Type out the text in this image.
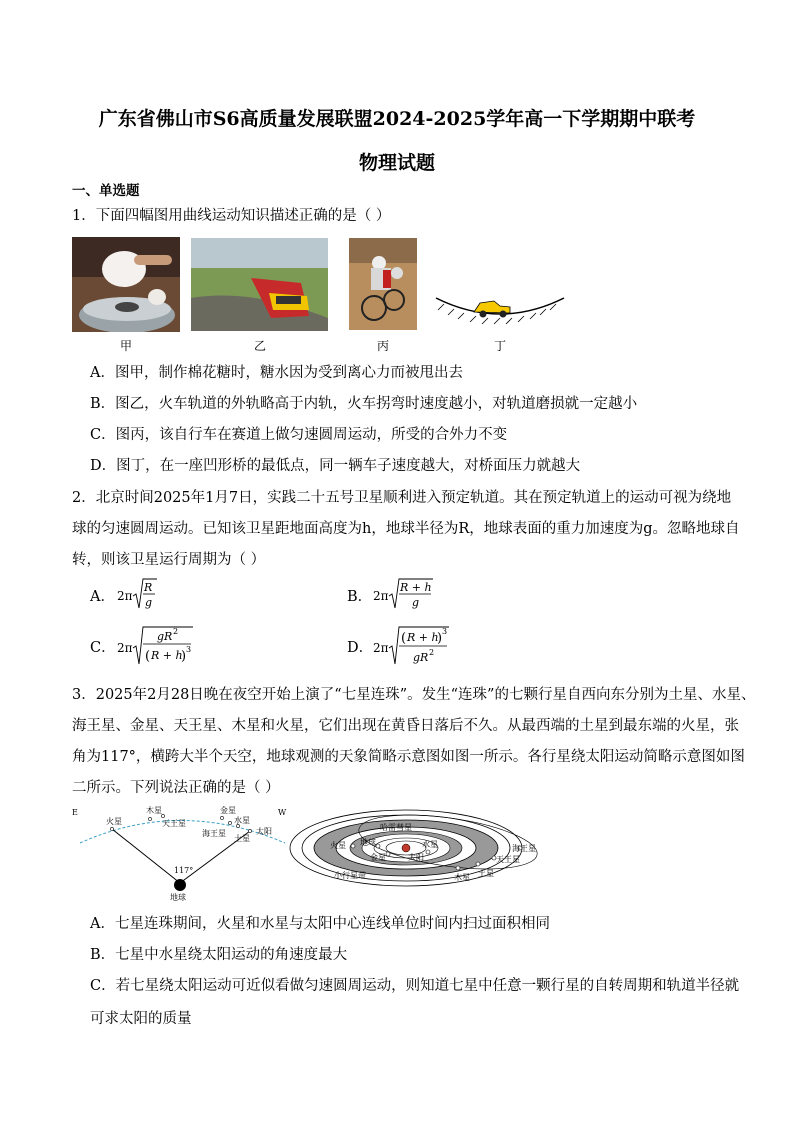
广东省佛山市S6高质量发展联盟2024-2025学年高一下学期期中联考
物理试题
一、单选题
1．下面四幅图用曲线运动知识描述正确的是（ ）
甲	乙	丙	丁
A．图甲，制作棉花糖时，糖水因为受到离心力而被甩出去
B．图乙，火车轨道的外轨略高于内轨，火车拐弯时速度越小，对轨道磨损就一定越小
C．图丙，该自行车在赛道上做匀速圆周运动，所受的合外力不变
D．图丁，在一座凹形桥的最低点，同一辆车子速度越大，对桥面压力就越大
2．北京时间2025年1月7日，实践二十五号卫星顺利进入预定轨道。其在预定轨道上的运动可视为绕地
球的匀速圆周运动。已知该卫星距地面高度为h，地球半径为R，地球表面的重力加速度为g。忽略地球自
转，则该卫星运行周期为（ ）
A． 2π
R
g	B． 2π
R + h
g
C． 2π
gR 2
( R + h
) 3	D． 2π
( R + h
) 3
gR 2
3．2025年2月28日晚在夜空开始上演了“七星连珠”。发生“连珠”的七颗行星自西向东分别为土星、水星、
海王星、金星、天王星、木星和火星，它们出现在黄昏日落后不久。从最西端的土星到最东端的火星，张
角为117°，横跨大半个天空，地球观测的天象简略示意图如图一所示。各行星绕太阳运动简略示意图如图
二所示。下列说法正确的是（ ）
E	W
火星
木星
天王星
金星
水星
海王星
土星
太阳
117°
地球
哈雷彗星
火星 地球
金星
水星
太阳
小行星带	木星 土星
天王星
海王星
A．七星连珠期间，火星和水星与太阳中心连线单位时间内扫过面积相同
B．七星中水星绕太阳运动的角速度最大
C．若七星绕太阳运动可近似看做匀速圆周运动，则知道七星中任意一颗行星的自转周期和轨道半径就
可求太阳的质量
